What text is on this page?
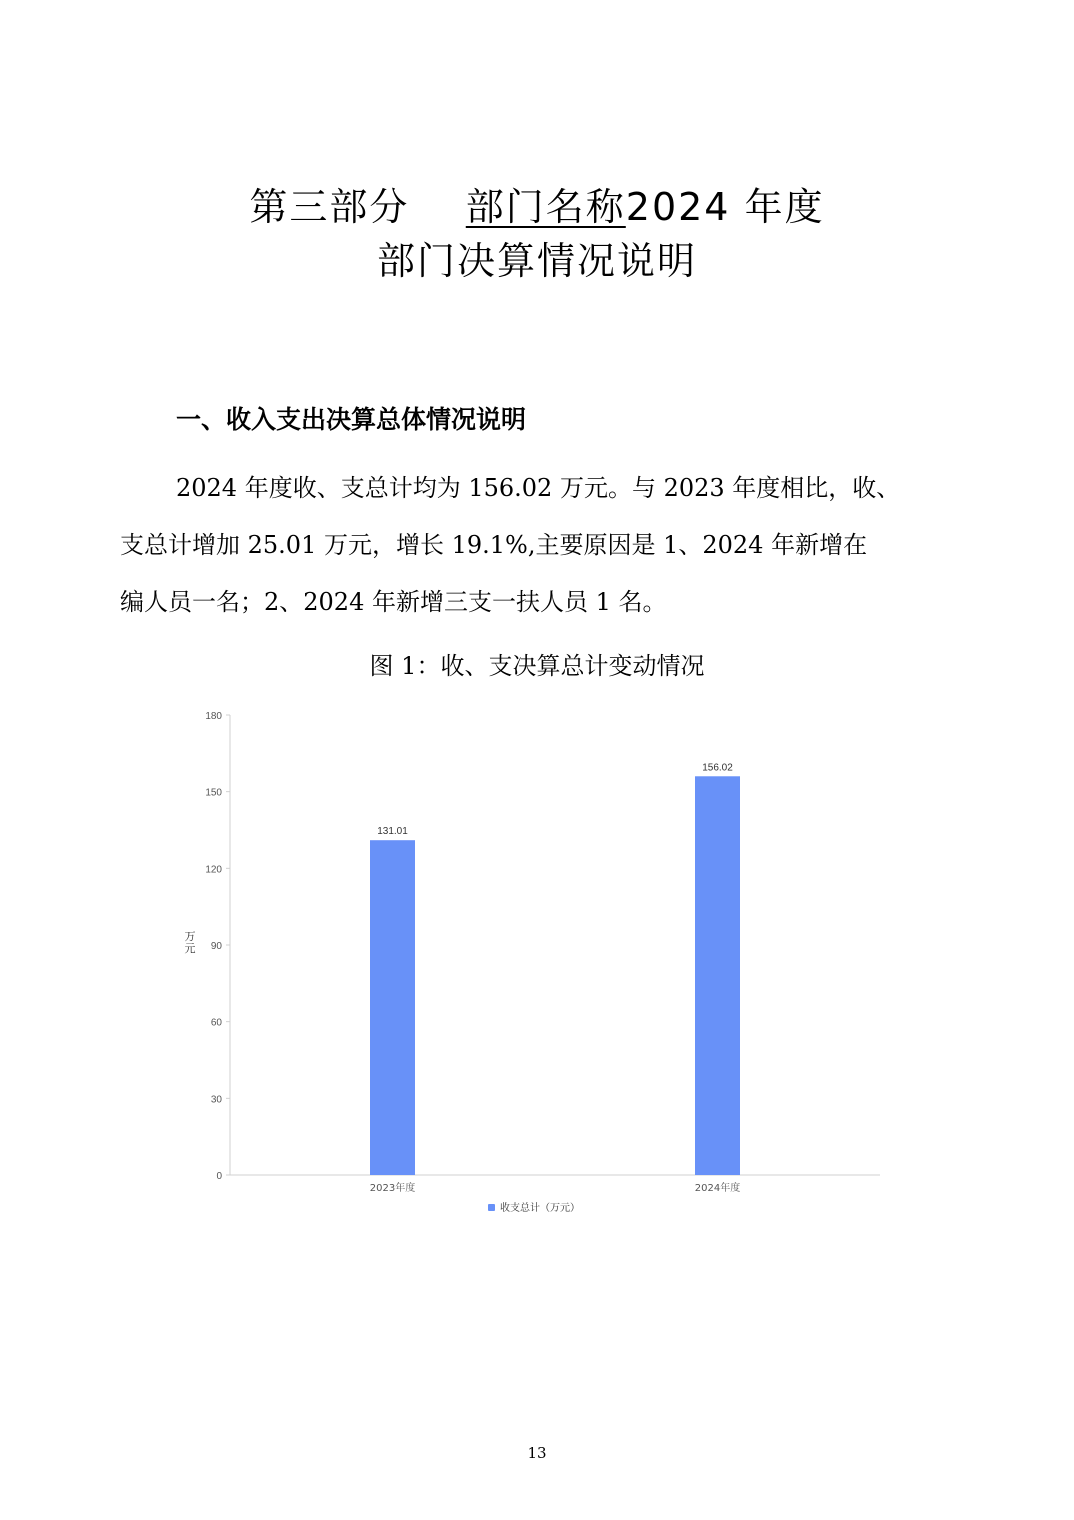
第三部分 部门名称2024 年度
部门决算情况说明
一、收入支出决算总体情况说明
2024 年度收、支总计均为 156.02 万元。与 2023 年度相比，收、
支总计增加 25.01 万元，增长 19.1%,主要原因是 1、2024 年新增在
编人员一名；2、2024 年新增三支一扶人员 1 名。
图 1：收、支决算总计变动情况
0
30
60
90
120
150
180
万元
131.01
2023年度
156.02
2024年度
收支总计（万元）
13
